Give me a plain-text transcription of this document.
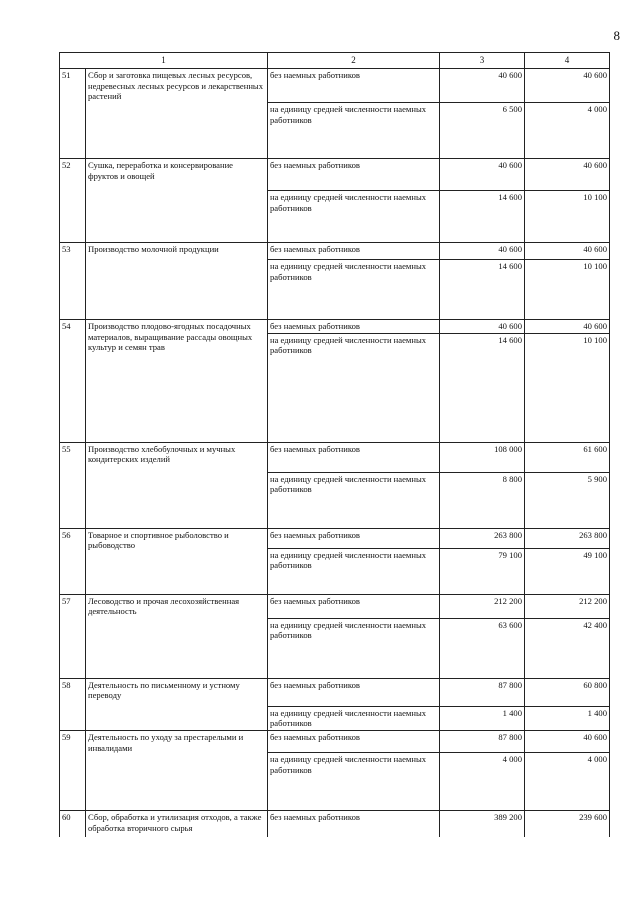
8
1		2	3	4
51	Сбор и заготовка пищевых лесных ресурсов, недревесных лесных ресурсов и лекарственных растений	без наемных работников	40 600	40 600
		на единицу средней численности наемных работников	6 500	4 000
52	Сушка, переработка и консервирование фруктов и овощей	без наемных работников	40 600	40 600
		на единицу средней численности наемных работников	14 600	10 100
53	Производство молочной продукции	без наемных работников	40 600	40 600
		на единицу средней численности наемных работников	14 600	10 100
54	Производство плодово-ягодных посадочных материалов, выращивание рассады овощных культур и семян трав	без наемных работников	40 600	40 600
		на единицу средней численности наемных работников	14 600	10 100
55	Производство хлебобулочных и мучных кондитерских изделий	без наемных работников	108 000	61 600
		на единицу средней численности наемных работников	8 800	5 900
56	Товарное и спортивное рыболовство и рыбоводство	без наемных работников	263 800	263 800
		на единицу средней численности наемных работников	79 100	49 100
57	Лесоводство и прочая лесохозяйственная деятельность	без наемных работников	212 200	212 200
		на единицу средней численности наемных работников	63 600	42 400
58	Деятельность по письменному и устному переводу	без наемных работников	87 800	60 800
		на единицу средней численности наемных работников	1 400	1 400
59	Деятельность по уходу за престарелыми и инвалидами	без наемных работников	87 800	40 600
		на единицу средней численности наемных работников	4 000	4 000
60	Сбор, обработка и утилизация отходов, а также обработка вторичного сырья	без наемных работников	389 200	239 600
